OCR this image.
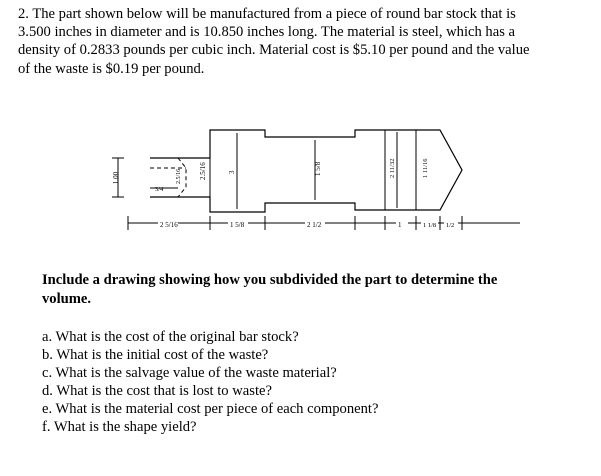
2. The part shown below will be manufactured from a piece of round bar stock that is
3.500 inches in diameter and is 10.850 inches long. The material is steel, which has a
density of 0.2833 pounds per cubic inch. Material cost is $5.10 per pound and the value
of the waste is $0.19 per pound.
1.00	2.5/16 2.5/16	3	1 5/8	2 11/32	1 11/16
3/4
2 5/16	1 5/8	2 1/2	1	1 1/8 1/2
Include a drawing showing how you subdivided the part to determine the
volume.
a. What is the cost of the original bar stock?
b. What is the initial cost of the waste?
c. What is the salvage value of the waste material?
d. What is the cost that is lost to waste?
e. What is the material cost per piece of each component?
f. What is the shape yield?
